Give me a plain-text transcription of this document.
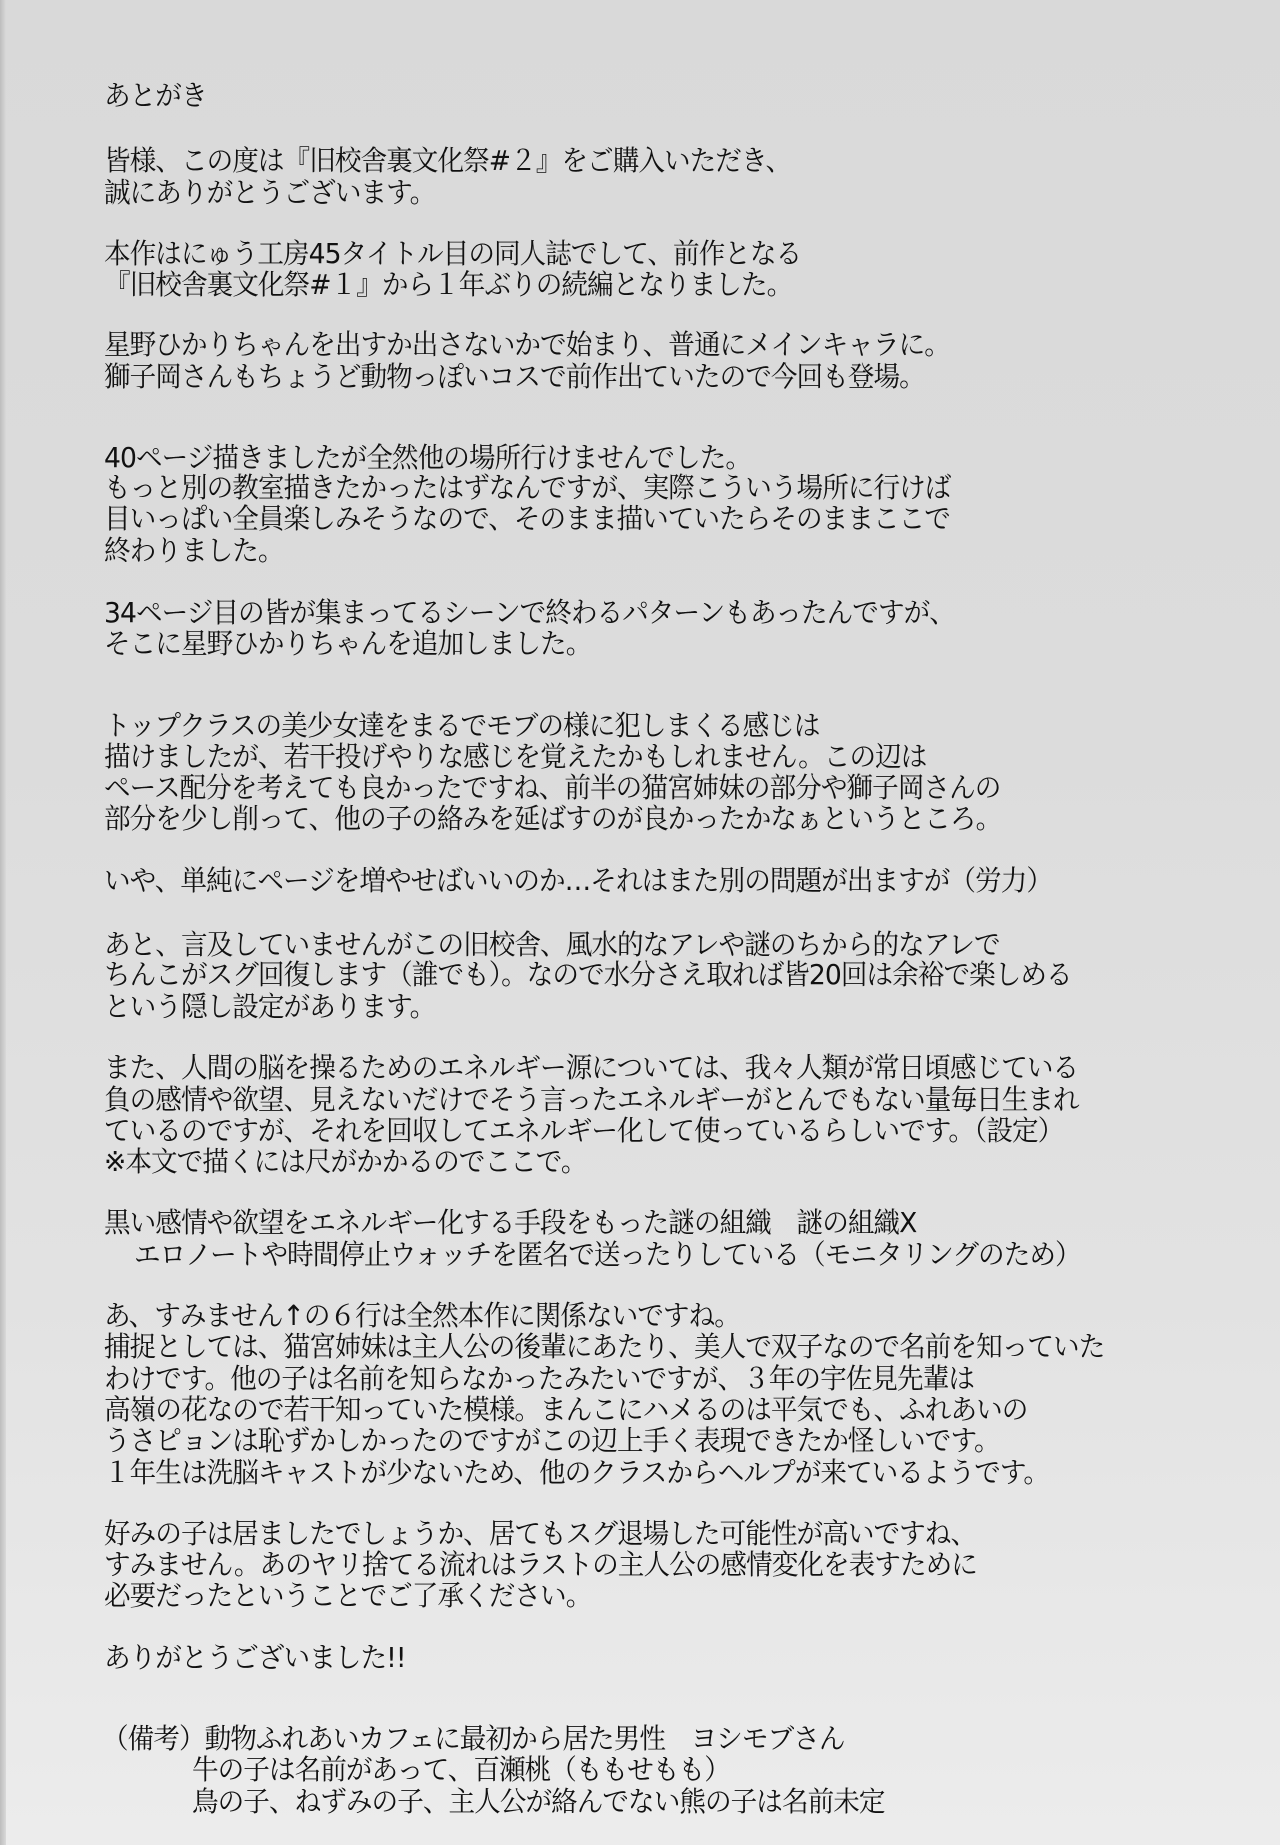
あとがき
皆様、この度は『旧校舎裏文化祭#２』をご購入いただき、
誠にありがとうございます。
本作はにゅう工房45タイトル目の同人誌でして、前作となる
『旧校舎裏文化祭#１』から１年ぶりの続編となりました。
星野ひかりちゃんを出すか出さないかで始まり、普通にメインキャラに。
獅子岡さんもちょうど動物っぽいコスで前作出ていたので今回も登場。
40ページ描きましたが全然他の場所行けませんでした。
もっと別の教室描きたかったはずなんですが、実際こういう場所に行けば
目いっぱい全員楽しみそうなので、そのまま描いていたらそのままここで
終わりました。
34ページ目の皆が集まってるシーンで終わるパターンもあったんですが、
そこに星野ひかりちゃんを追加しました。
トップクラスの美少女達をまるでモブの様に犯しまくる感じは
描けましたが、若干投げやりな感じを覚えたかもしれません。この辺は
ペース配分を考えても良かったですね、前半の猫宮姉妹の部分や獅子岡さんの
部分を少し削って、他の子の絡みを延ばすのが良かったかなぁというところ。
いや、単純にページを増やせばいいのか…それはまた別の問題が出ますが（労力）
あと、言及していませんがこの旧校舎、風水的なアレや謎のちから的なアレで
ちんこがスグ回復します（誰でも）。なので水分さえ取れば皆20回は余裕で楽しめる
という隠し設定があります。
また、人間の脳を操るためのエネルギー源については、我々人類が常日頃感じている
負の感情や欲望、見えないだけでそう言ったエネルギーがとんでもない量毎日生まれ
ているのですが、それを回収してエネルギー化して使っているらしいです。（設定）
※本文で描くには尺がかかるのでここで。
黒い感情や欲望をエネルギー化する手段をもった謎の組織　謎の組織X
エロノートや時間停止ウォッチを匿名で送ったりしている（モニタリングのため）
あ、すみません↑の６行は全然本作に関係ないですね。
捕捉としては、猫宮姉妹は主人公の後輩にあたり、美人で双子なので名前を知っていた
わけです。他の子は名前を知らなかったみたいですが、３年の宇佐見先輩は
高嶺の花なので若干知っていた模様。まんこにハメるのは平気でも、ふれあいの
うさピョンは恥ずかしかったのですがこの辺上手く表現できたか怪しいです。
１年生は洗脳キャストが少ないため、他のクラスからヘルプが来ているようです。
好みの子は居ましたでしょうか、居てもスグ退場した可能性が高いですね、
すみません。あのヤリ捨てる流れはラストの主人公の感情変化を表すために
必要だったということでご了承ください。
ありがとうございました!!
（備考）動物ふれあいカフェに最初から居た男性　ヨシモブさん
牛の子は名前があって、百瀬桃（ももせもも）
鳥の子、ねずみの子、主人公が絡んでない熊の子は名前未定
